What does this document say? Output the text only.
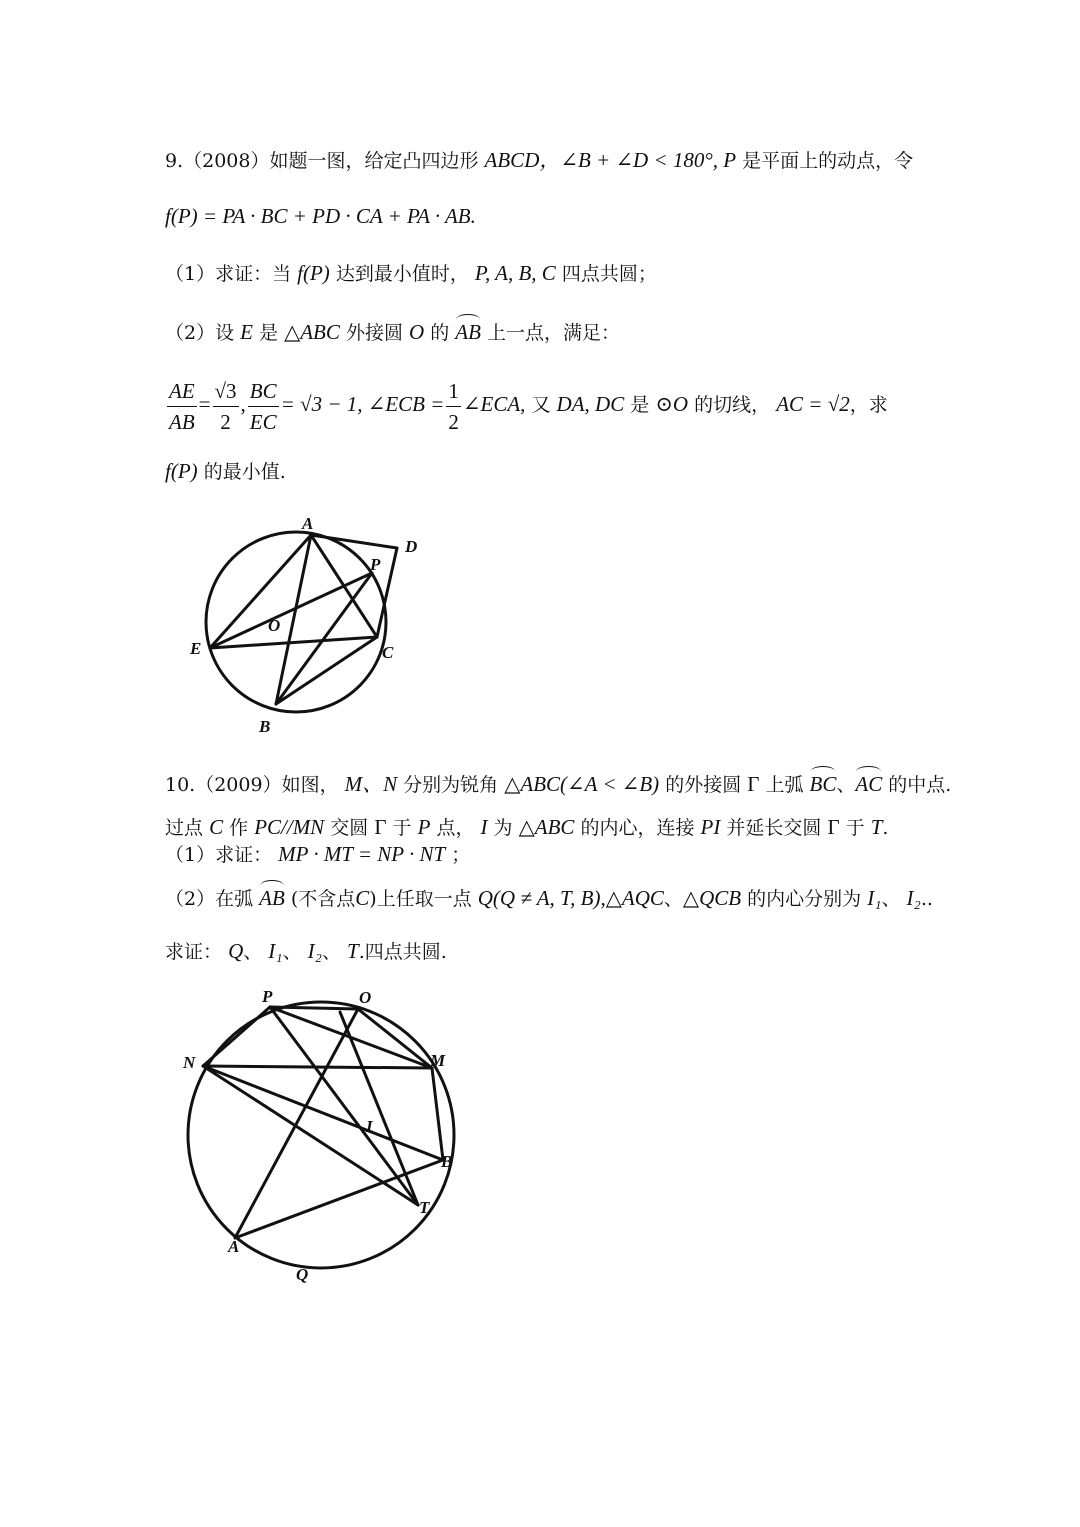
9.（2008）如题一图，给定凸四边形 ABCD，∠B + ∠D < 180°, P 是平面上的动点，令
f(P) = PA · BC + PD · CA + PA · AB.
（1）求证：当 f(P) 达到最小值时， P, A, B, C 四点共圆；
（2）设 E 是 △ABC 外接圆 O 的 AB 上一点，满足：
$\frac{AE}{AB} = \frac{√3}{2}$ , $\frac{BC}{EC} = √3 - 1$, ∠ECB = $\frac{1}{2}$ ∠ECA, 又 DA, DC 是 ⊙O 的切线， AC = √2，求
f(P) 的最小值.
A
D
P
O
E	C
B
10.（2009）如图， M、N 分别为锐角 △ABC(∠A < ∠B) 的外接圆 Γ 上弧 BC、AC 的中点.
过点 C 作 PC//MN 交圆 Γ 于 P 点， I 为 △ABC 的内心，连接 PI 并延长交圆 Γ 于 T.
（1）求证： MP · MT = NP · NT ；
（2）在弧 AB (不含点C)上任取一点 Q(Q ≠ A, T, B),△AQC、△QCB 的内心分别为 I₁、 I₂..
求证： Q、 I₁、 I₂、 T.四点共圆.
P	O
N	M
I
B
T
A
Q
